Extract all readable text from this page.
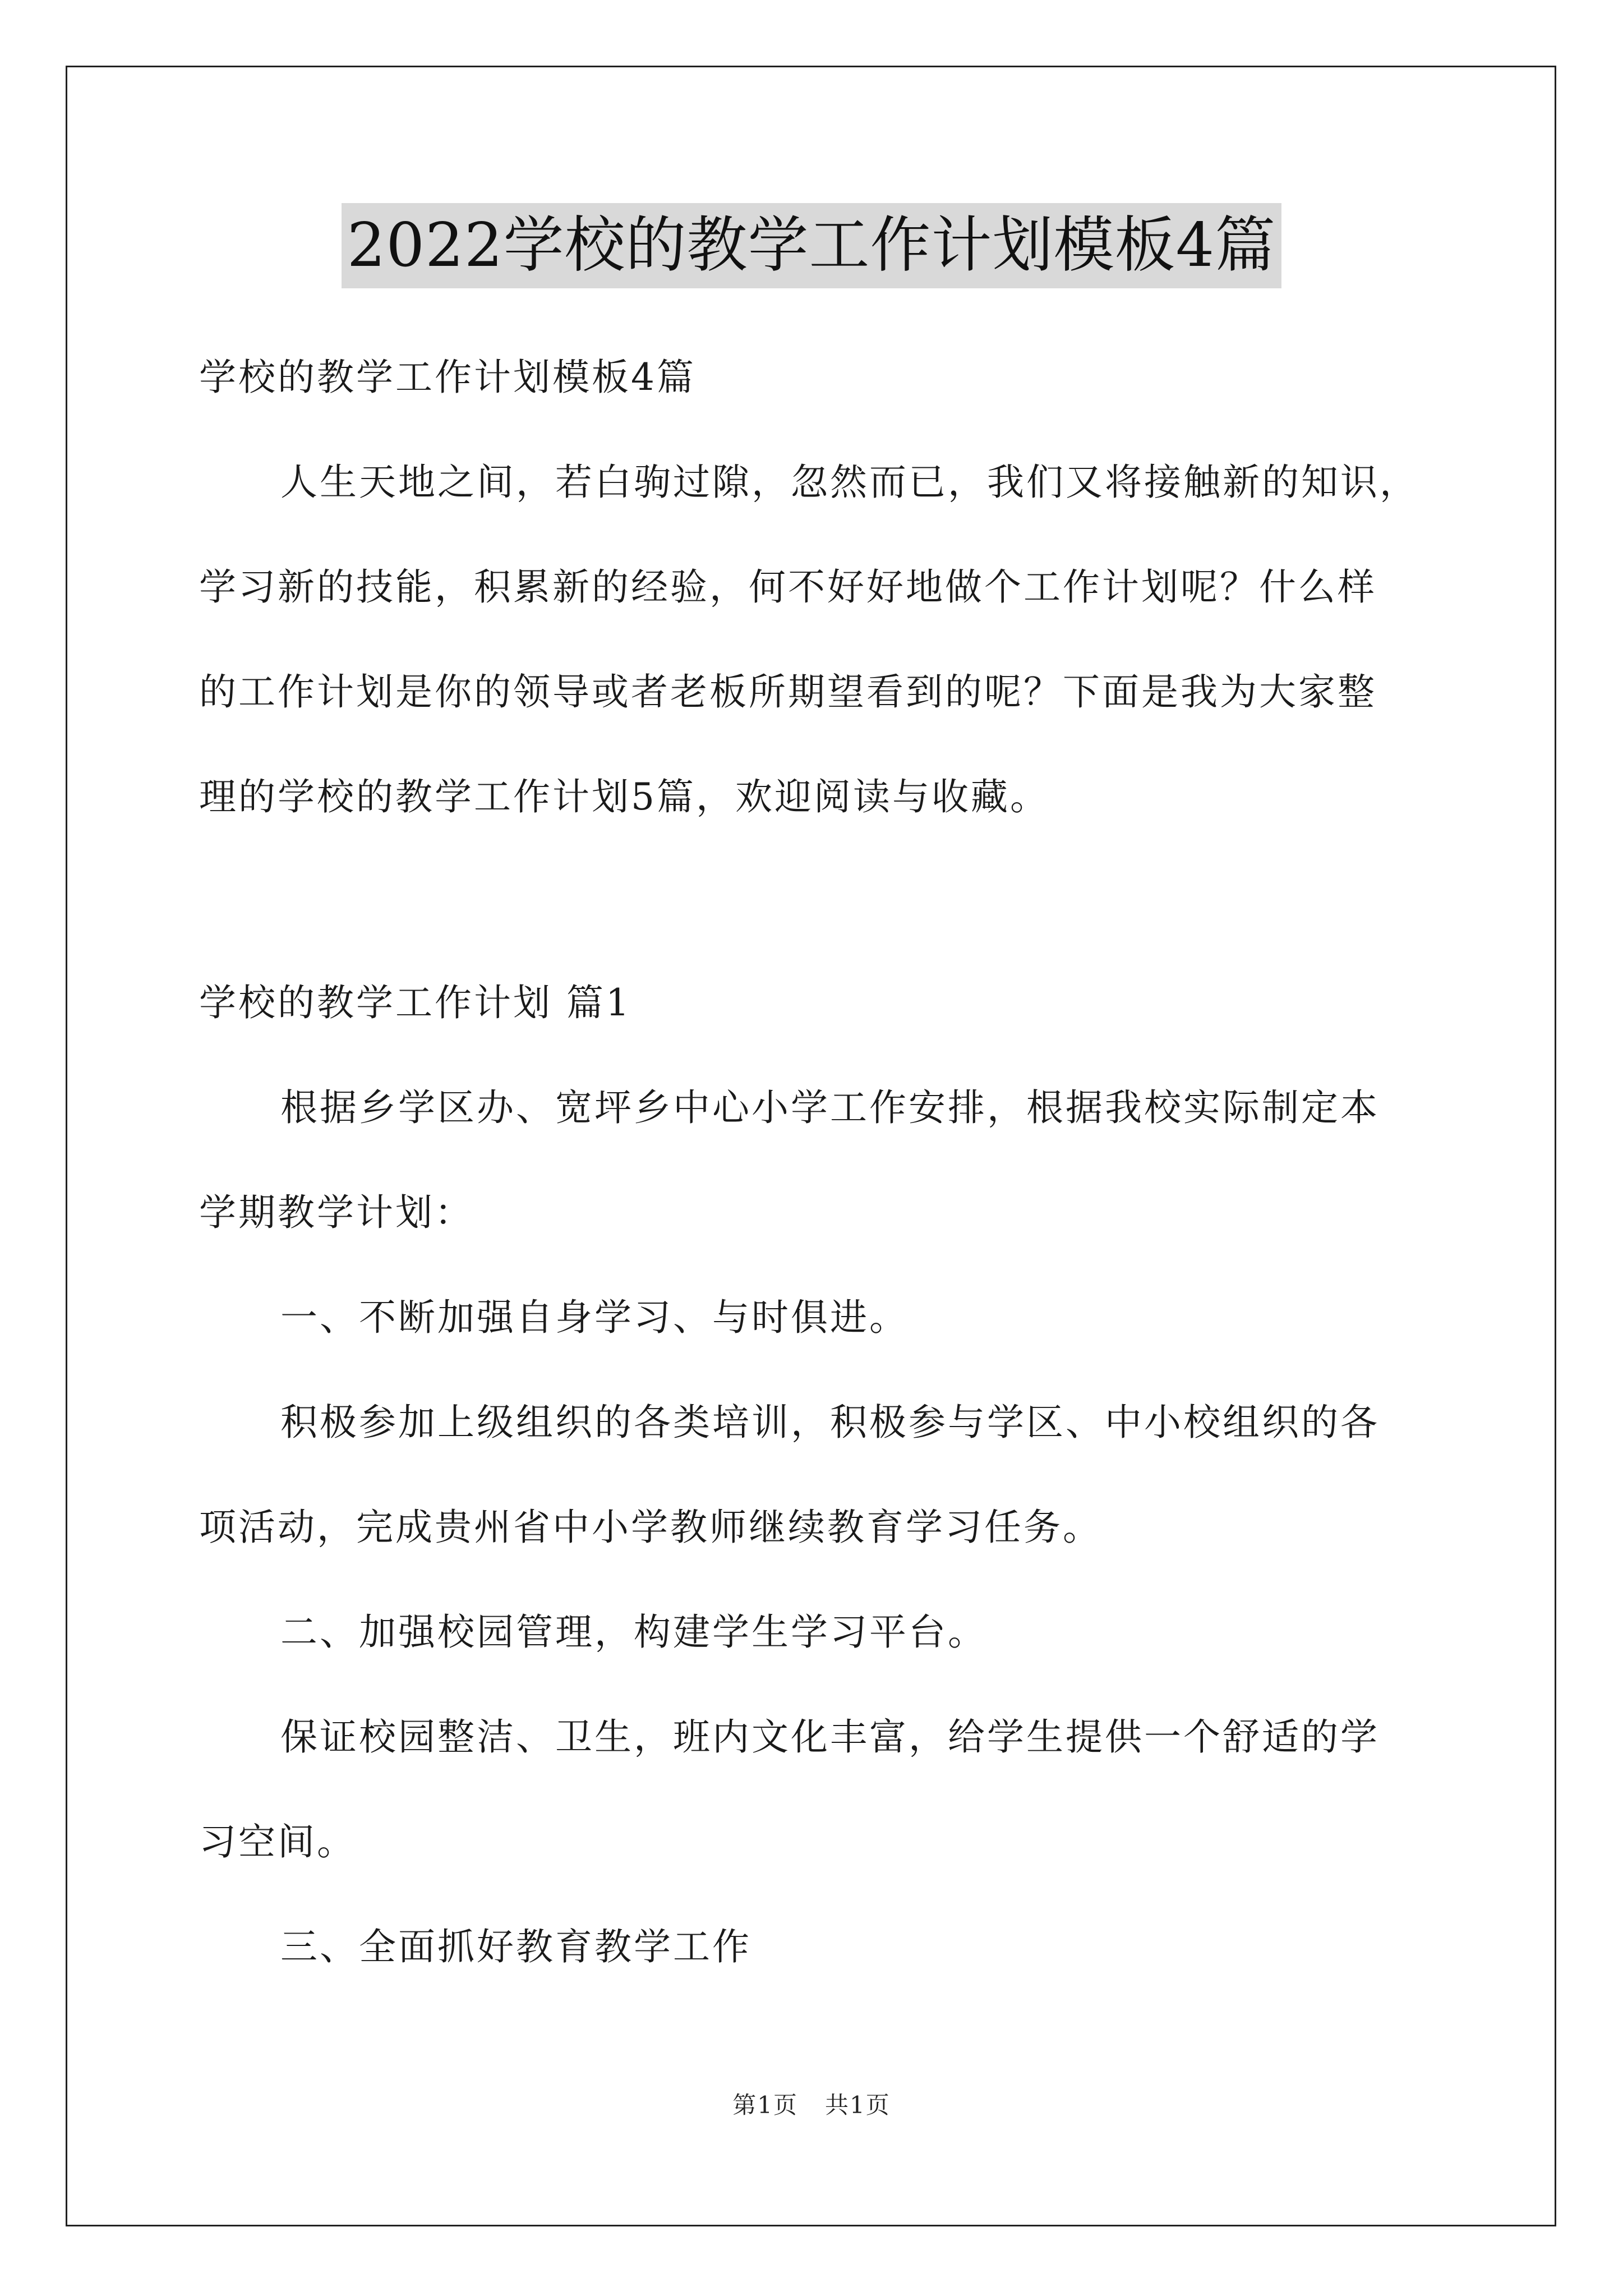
2022学校的教学工作计划模板4篇

学校的教学工作计划模板4篇

人生天地之间，若白驹过隙，忽然而已，我们又将接触新的知识，

学习新的技能，积累新的经验，何不好好地做个工作计划呢？什么样

的工作计划是你的领导或者老板所期望看到的呢？下面是我为大家整

理的学校的教学工作计划5篇，欢迎阅读与收藏。

学校的教学工作计划 篇1

根据乡学区办、宽坪乡中心小学工作安排，根据我校实际制定本

学期教学计划：

一、不断加强自身学习、与时俱进。

积极参加上级组织的各类培训，积极参与学区、中小校组织的各

项活动，完成贵州省中小学教师继续教育学习任务。

二、加强校园管理，构建学生学习平台。

保证校园整洁、卫生，班内文化丰富，给学生提供一个舒适的学

习空间。

三、全面抓好教育教学工作

第1页 共1页
